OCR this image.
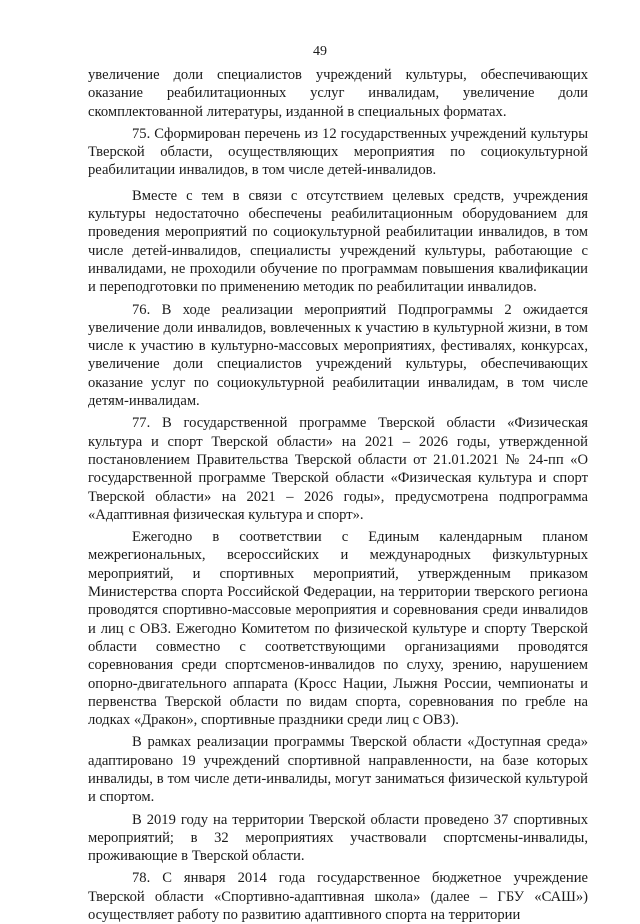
49

увеличение доли специалистов учреждений культуры, обеспечивающих оказание реабилитационных услуг инвалидам, увеличение доли скомплектованной литературы, изданной в специальных форматах.

75. Сформирован перечень из 12 государственных учреждений культуры Тверской области, осуществляющих мероприятия по социокультурной реабилитации инвалидов, в том числе детей-инвалидов.

Вместе с тем в связи с отсутствием целевых средств, учреждения культуры недостаточно обеспечены реабилитационным оборудованием для проведения мероприятий по социокультурной реабилитации инвалидов, в том числе детей-инвалидов, специалисты учреждений культуры, работающие с инвалидами, не проходили обучение по программам повышения квалификации и переподготовки по применению методик по реабилитации инвалидов.

76. В ходе реализации мероприятий Подпрограммы 2 ожидается увеличение доли инвалидов, вовлеченных к участию в культурной жизни, в том числе к участию в культурно-массовых мероприятиях, фестивалях, конкурсах, увеличение доли специалистов учреждений культуры, обеспечивающих оказание услуг по социокультурной реабилитации инвалидам, в том числе детям-инвалидам.

77. В государственной программе Тверской области «Физическая культура и спорт Тверской области» на 2021 – 2026 годы, утвержденной постановлением Правительства Тверской области от 21.01.2021 № 24-пп «О государственной программе Тверской области «Физическая культура и спорт Тверской области» на 2021 – 2026 годы», предусмотрена подпрограмма «Адаптивная физическая культура и спорт».

Ежегодно в соответствии с Единым календарным планом межрегиональных, всероссийских и международных физкультурных мероприятий, и спортивных мероприятий, утвержденным приказом Министерства спорта Российской Федерации, на территории тверского региона проводятся спортивно-массовые мероприятия и соревнования среди инвалидов и лиц с ОВЗ. Ежегодно Комитетом по физической культуре и спорту Тверской области совместно с соответствующими организациями проводятся соревнования среди спортсменов-инвалидов по слуху, зрению, нарушением опорно-двигательного аппарата (Кросс Нации, Лыжня России, чемпионаты и первенства Тверской области по видам спорта, соревнования по гребле на лодках «Дракон», спортивные праздники среди лиц с ОВЗ).

В рамках реализации программы Тверской области «Доступная среда» адаптировано 19 учреждений спортивной направленности, на базе которых инвалиды, в том числе дети-инвалиды, могут заниматься физической культурой и спортом.

В 2019 году на территории Тверской области проведено 37 спортивных мероприятий; в 32 мероприятиях участвовали спортсмены-инвалиды, проживающие в Тверской области.

78. С января 2014 года государственное бюджетное учреждение Тверской области «Спортивно-адаптивная школа» (далее – ГБУ «САШ») осуществляет работу по развитию адаптивного спорта на территории
